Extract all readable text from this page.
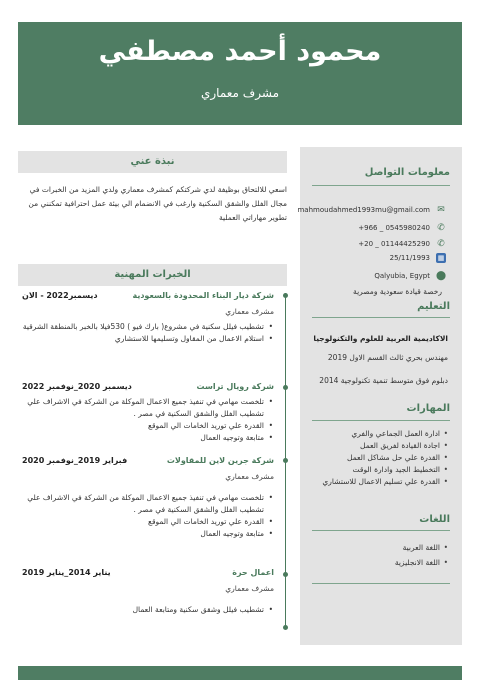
محمود أحمد مصطفي
مشرف معماري
معلومات التواصل
✉
mahmoudahmed1993mu@gmail.com
✆
+966 _ 0545980240
✆
+20 _ 01144425290
▦
25/11/1993
⬤
Qalyubia, Egypt
رخصة قيادة سعودية ومصرية
التعليم
الاكاديمية العربية للعلوم والتكنولوجيا
مهندس بحري ثالث القسم الاول 2019
دبلوم فوق متوسط تنمية تكنولوجية 2014
المهارات
• ادارة العمل الجماعي والفري
• اجادة القيادة لفريق العمل
• القدرة علي حل مشاكل العمل
• التخطيط الجيد وادارة الوقت
• القدرة علي تسليم الاعمال للاستشاري
اللغات
• اللغة العربية
• اللغة الانجليزية
نبذة عني
اسعي للالتحاق بوظيفة لدي شركتكم كمشرف معماري ولدي المزيد من الخبرات في مجال الفلل والشقق السكنية وارغب في الانضمام الي بيئة عمل احترافية تمكنني من تطوير مهاراتي العملية
الخبرات المهنية
شركة ديار البناء المحدودة بالسعودية
ديسمبر2022 - الان
مشرف معماري
• تشطيب فيلل سكنية في مشروع( بارك فيو ) 530فيلا بالخبر بالمنطقة الشرقية
• استلام الاعمال من المقاول وتسليمها للاستشاري
شركة رويال تراست
ديسمبر 2020_نوفمبر 2022
• تلخصت مهامي في تنفيذ جميع الاعمال الموكلة من الشركة في الاشراف علي تشطيب الفلل والشقق السكنية في مصر .
• القدرة علي توريد الخامات الي الموقع
• متابعة وتوجيه العمال
شركة جرين لاين للمقاولات
فبراير 2019_نوفمبر 2020
مشرف معماري
• تلخصت مهامي في تنفيذ جميع الاعمال الموكلة من الشركة في الاشراف علي تشطيب الفلل والشقق السكنية في مصر .
• القدرة علي توريد الخامات الي الموقع
• متابعة وتوجيه العمال
اعمال حرة
يناير 2014_يناير 2019
مشرف معماري
• تشطيب فيلل وشقق سكنية ومتابعة العمال
